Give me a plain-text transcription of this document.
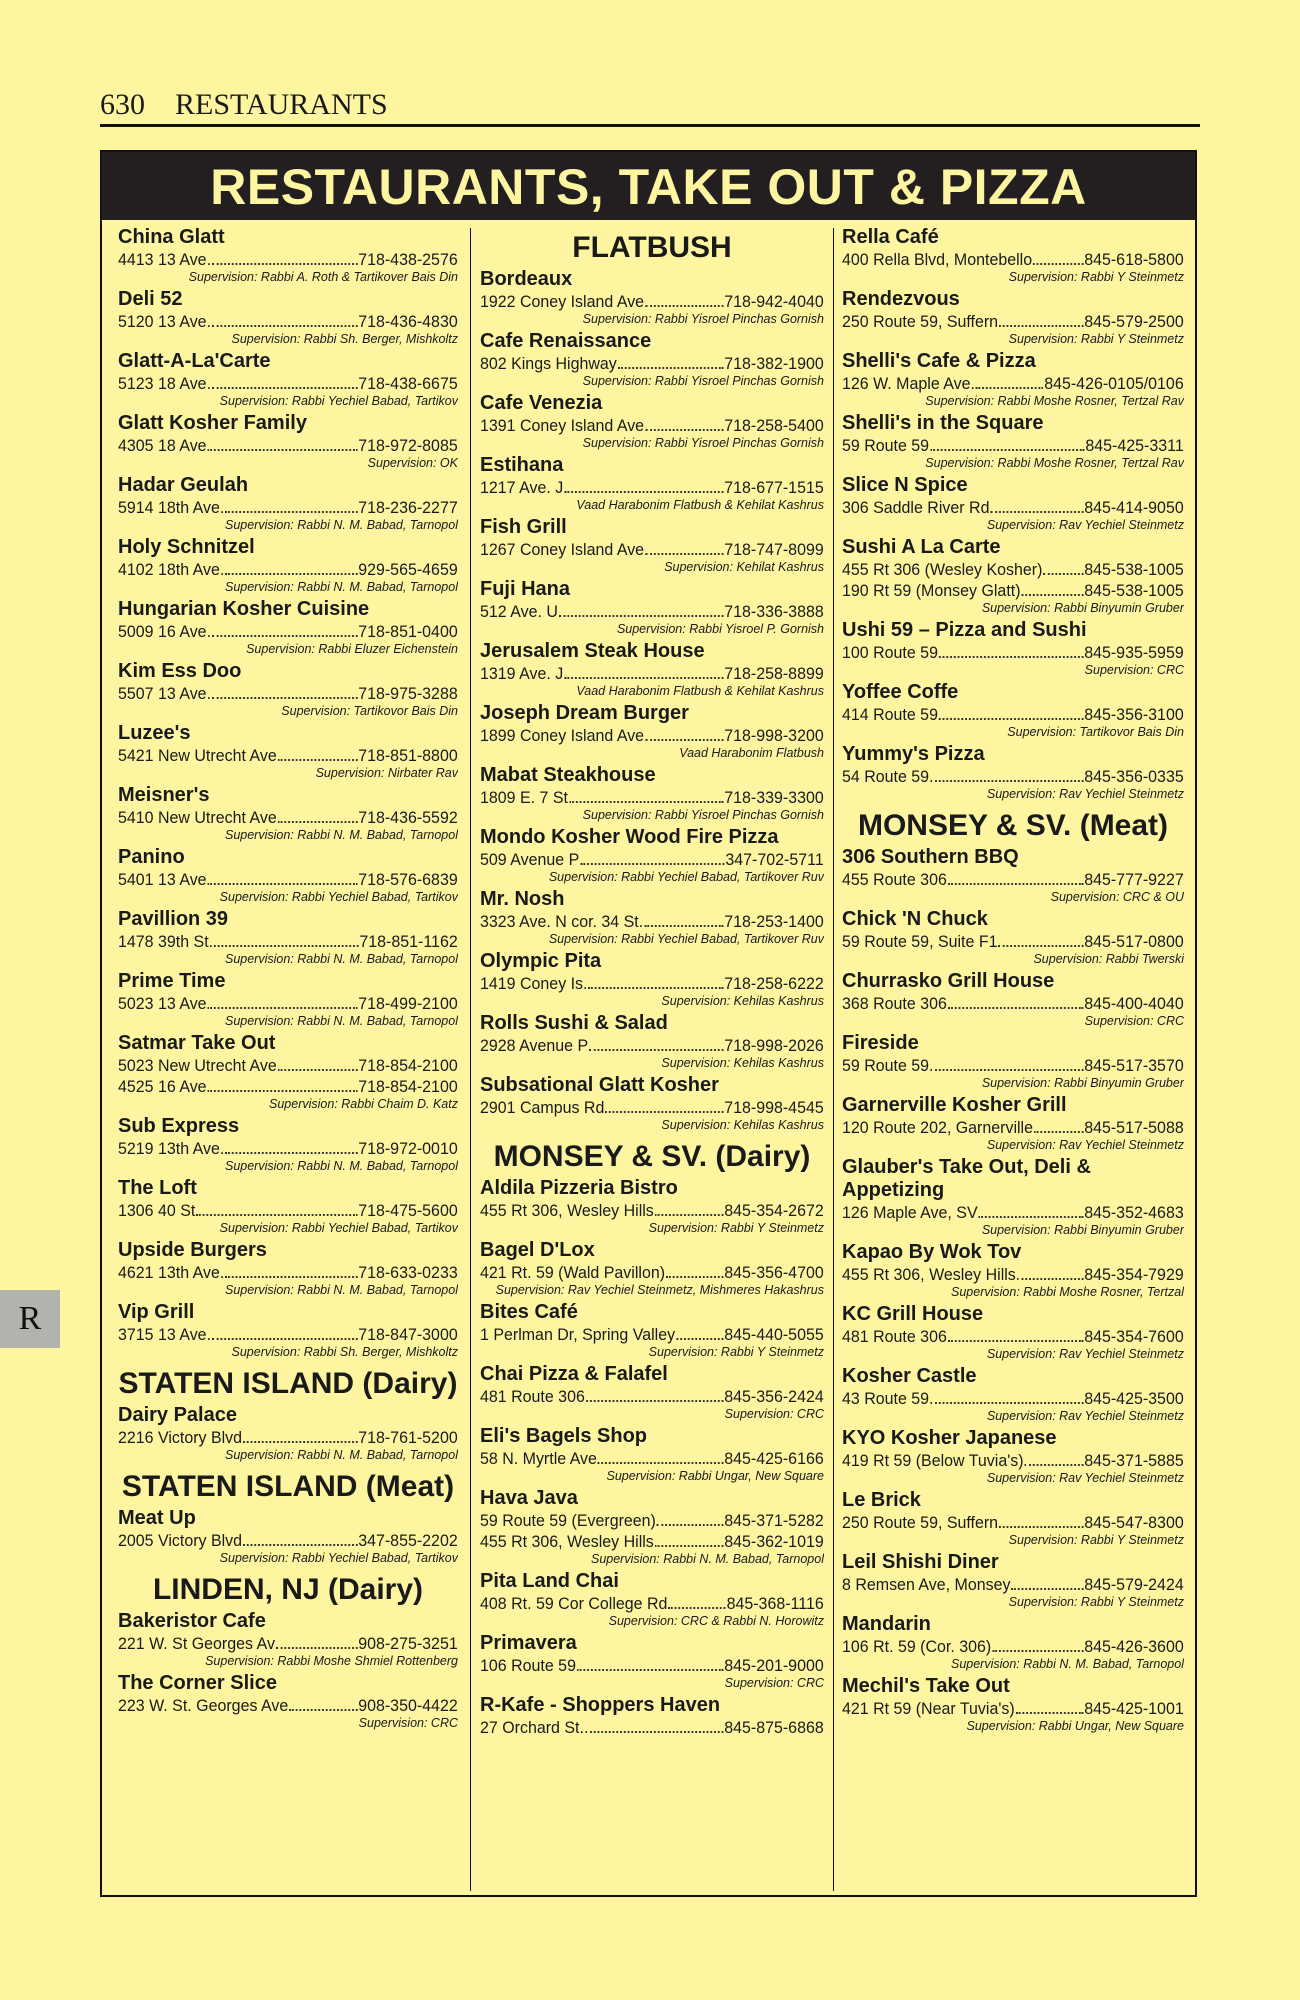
630 RESTAURANTS
RESTAURANTS, TAKE OUT & PIZZA
China Glatt
4413 13 Ave.	718-438-2576
Supervision: Rabbi A. Roth & Tartikover Bais Din
Deli 52
5120 13 Ave.	718-436-4830
Supervision: Rabbi Sh. Berger, Mishkoltz
Glatt-A-La'Carte
5123 18 Ave.	718-438-6675
Supervision: Rabbi Yechiel Babad, Tartikov
Glatt Kosher Family
4305 18 Ave	718-972-8085
Supervision: OK
Hadar Geulah
5914 18th Ave.	718-236-2277
Supervision: Rabbi N. M. Babad, Tarnopol
Holy Schnitzel
4102 18th Ave.	929-565-4659
Supervision: Rabbi N. M. Babad, Tarnopol
Hungarian Kosher Cuisine
5009 16 Ave.	718-851-0400
Supervision: Rabbi Eluzer Eichenstein
Kim Ess Doo
5507 13 Ave.	718-975-3288
Supervision: Tartikovor Bais Din
Luzee's
5421 New Utrecht Ave	718-851-8800
Supervision: Nirbater Rav
Meisner's
5410 New Utrecht Ave	718-436-5592
Supervision: Rabbi N. M. Babad, Tarnopol
Panino
5401 13 Ave	718-576-6839
Supervision: Rabbi Yechiel Babad, Tartikov
Pavillion 39
1478 39th St.	718-851-1162
Supervision: Rabbi N. M. Babad, Tarnopol
Prime Time
5023 13 Ave	718-499-2100
Supervision: Rabbi N. M. Babad, Tarnopol
Satmar Take Out
5023 New Utrecht Ave	718-854-2100
4525 16 Ave	718-854-2100
Supervision: Rabbi Chaim D. Katz
Sub Express
5219 13th Ave.	718-972-0010
Supervision: Rabbi N. M. Babad, Tarnopol
The Loft
1306 40 St	718-475-5600
Supervision: Rabbi Yechiel Babad, Tartikov
Upside Burgers
4621 13th Ave.	718-633-0233
Supervision: Rabbi N. M. Babad, Tarnopol
Vip Grill
3715 13 Ave.	718-847-3000
Supervision: Rabbi Sh. Berger, Mishkoltz
STATEN ISLAND (Dairy)
Dairy Palace
2216 Victory Blvd	718-761-5200
Supervision: Rabbi N. M. Babad, Tarnopol
STATEN ISLAND (Meat)
Meat Up
2005 Victory Blvd	347-855-2202
Supervision: Rabbi Yechiel Babad, Tartikov
LINDEN, NJ (Dairy)
Bakeristor Cafe
221 W. St Georges Av	908-275-3251
Supervision: Rabbi Moshe Shmiel Rottenberg
The Corner Slice
223 W. St. Georges Ave	908-350-4422
Supervision: CRC
FLATBUSH
Bordeaux
1922 Coney Island Ave	718-942-4040
Supervision: Rabbi Yisroel Pinchas Gornish
Cafe Renaissance
802 Kings Highway	718-382-1900
Supervision: Rabbi Yisroel Pinchas Gornish
Cafe Venezia
1391 Coney Island Ave	718-258-5400
Supervision: Rabbi Yisroel Pinchas Gornish
Estihana
1217 Ave. J	718-677-1515
Vaad Harabonim Flatbush & Kehilat Kashrus
Fish Grill
1267 Coney Island Ave	718-747-8099
Supervision: Kehilat Kashrus
Fuji Hana
512 Ave. U	718-336-3888
Supervision: Rabbi Yisroel P. Gornish
Jerusalem Steak House
1319 Ave. J	718-258-8899
Vaad Harabonim Flatbush & Kehilat Kashrus
Joseph Dream Burger
1899 Coney Island Ave	718-998-3200
Vaad Harabonim Flatbush
Mabat Steakhouse
1809 E. 7 St	718-339-3300
Supervision: Rabbi Yisroel Pinchas Gornish
Mondo Kosher Wood Fire Pizza
509 Avenue P	347-702-5711
Supervision: Rabbi Yechiel Babad, Tartikover Ruv
Mr. Nosh
3323 Ave. N cor. 34 St.	718-253-1400
Supervision: Rabbi Yechiel Babad, Tartikover Ruv
Olympic Pita
1419 Coney Is.	718-258-6222
Supervision: Kehilas Kashrus
Rolls Sushi & Salad
2928 Avenue P	718-998-2026
Supervision: Kehilas Kashrus
Subsational Glatt Kosher
2901 Campus Rd	718-998-4545
Supervision: Kehilas Kashrus
MONSEY & SV. (Dairy)
Aldila Pizzeria Bistro
455 Rt 306, Wesley Hills	845-354-2672
Supervision: Rabbi Y Steinmetz
Bagel D'Lox
421 Rt. 59 (Wald Pavillon)	845-356-4700
Supervision: Rav Yechiel Steinmetz, Mishmeres Hakashrus
Bites Café
1 Perlman Dr, Spring Valley	845-440-5055
Supervision: Rabbi Y Steinmetz
Chai Pizza & Falafel
481 Route 306	845-356-2424
Supervision: CRC
Eli's Bagels Shop
58 N. Myrtle Ave	845-425-6166
Supervision: Rabbi Ungar, New Square
Hava Java
59 Route 59 (Evergreen)	845-371-5282
455 Rt 306, Wesley Hills	845-362-1019
Supervision: Rabbi N. M. Babad, Tarnopol
Pita Land Chai
408 Rt. 59 Cor College Rd	845-368-1116
Supervision: CRC & Rabbi N. Horowitz
Primavera
106 Route 59	845-201-9000
Supervision: CRC
R-Kafe - Shoppers Haven
27 Orchard St.	845-875-6868
Rella Café
400 Rella Blvd, Montebello	845-618-5800
Supervision: Rabbi Y Steinmetz
Rendezvous
250 Route 59, Suffern	845-579-2500
Supervision: Rabbi Y Steinmetz
Shelli's Cafe & Pizza
126 W. Maple Ave.	845-426-0105/0106
Supervision: Rabbi Moshe Rosner, Tertzal Rav
Shelli's in the Square
59 Route 59	845-425-3311
Supervision: Rabbi Moshe Rosner, Tertzal Rav
Slice N Spice
306 Saddle River Rd	845-414-9050
Supervision: Rav Yechiel Steinmetz
Sushi A La Carte
455 Rt 306 (Wesley Kosher) 845-538-1005
190 Rt 59 (Monsey Glatt)	845-538-1005
Supervision: Rabbi Binyumin Gruber
Ushi 59 – Pizza and Sushi
100 Route 59	845-935-5959
Supervision: CRC
Yoffee Coffe
414 Route 59	845-356-3100
Supervision: Tartikovor Bais Din
Yummy's Pizza
54 Route 59	845-356-0335
Supervision: Rav Yechiel Steinmetz
MONSEY & SV. (Meat)
306 Southern BBQ
455 Route 306	845-777-9227
Supervision: CRC & OU
Chick 'N Chuck
59 Route 59, Suite F1	845-517-0800
Supervision: Rabbi Twerski
Churrasko Grill House
368 Route 306	845-400-4040
Supervision: CRC
Fireside
59 Route 59	845-517-3570
Supervision: Rabbi Binyumin Gruber
Garnerville Kosher Grill
120 Route 202, Garnerville	845-517-5088
Supervision: Rav Yechiel Steinmetz
Glauber's Take Out, Deli & Appetizing
126 Maple Ave, SV	845-352-4683
Supervision: Rabbi Binyumin Gruber
Kapao By Wok Tov
455 Rt 306, Wesley Hills	845-354-7929
Supervision: Rabbi Moshe Rosner, Tertzal
KC Grill House
481 Route 306	845-354-7600
Supervision: Rav Yechiel Steinmetz
Kosher Castle
43 Route 59	845-425-3500
Supervision: Rav Yechiel Steinmetz
KYO Kosher Japanese
419 Rt 59 (Below Tuvia's)	845-371-5885
Supervision: Rav Yechiel Steinmetz
Le Brick
250 Route 59, Suffern	845-547-8300
Supervision: Rabbi Y Steinmetz
Leil Shishi Diner
8 Remsen Ave, Monsey	845-579-2424
Supervision: Rabbi Y Steinmetz
Mandarin
106 Rt. 59 (Cor. 306)	845-426-3600
Supervision: Rabbi N. M. Babad, Tarnopol
Mechil's Take Out
421 Rt 59 (Near Tuvia's)	845-425-1001
Supervision: Rabbi Ungar, New Square
R
